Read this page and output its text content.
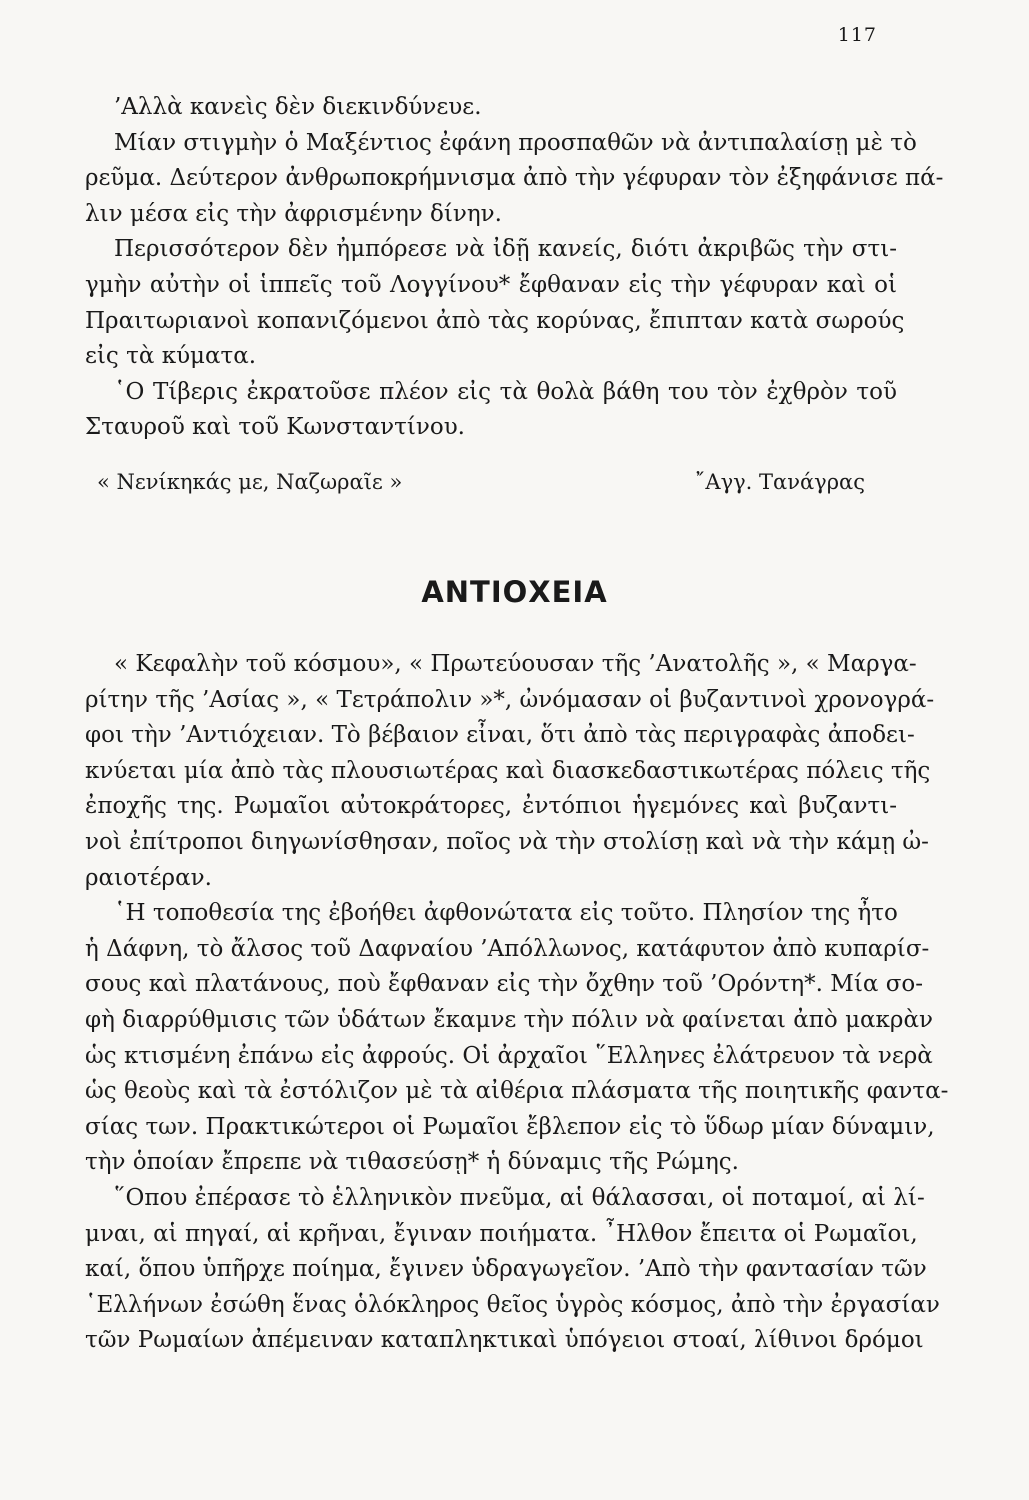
117
’Αλλὰ κανεὶς δὲν διεκινδύνευε.
Μίαν στιγμὴν ὁ Μαξέντιος ἐφάνη προσπαθῶν νὰ ἀντιπαλαίσῃ μὲ τὸ
ρεῦμα. Δεύτερον ἀνθρωποκρήμνισμα ἀπὸ τὴν γέφυραν τὸν ἐξηφάνισε πά-
λιν μέσα εἰς τὴν ἀφρισμένην δίνην.
Περισσότερον δὲν ἠμπόρεσε νὰ ἰδῇ κανείς, διότι ἀκριβῶς τὴν στι-
γμὴν αὐτὴν οἱ ἱππεῖς τοῦ Λογγίνου* ἔφθαναν εἰς τὴν γέφυραν καὶ οἱ
Πραιτωριανοὶ κοπανιζόμενοι ἀπὸ τὰς κορύνας, ἔπιπταν κατὰ σωρούς
εἰς τὰ κύματα.
῾Ο Τίβερις ἐκρατοῦσε πλέον εἰς τὰ θολὰ βάθη του τὸν ἐχθρὸν τοῦ
Σταυροῦ καὶ τοῦ Κωνσταντίνου.
« Νενίκηκάς με, Ναζωραῖε »	῎Αγγ. Τανάγρας
ΑΝΤΙΟΧΕΙΑ
« Κεφαλὴν τοῦ κόσμου», « Πρωτεύουσαν τῆς ’Ανατολῆς », « Μαργα-
ρίτην τῆς ’Ασίας », « Τετράπολιν »*, ὠνόμασαν οἱ βυζαντινοὶ χρονογρά-
φοι τὴν ’Αντιόχειαν. Τὸ βέβαιον εἶναι, ὅτι ἀπὸ τὰς περιγραφὰς ἀποδει-
κνύεται μία ἀπὸ τὰς πλουσιωτέρας καὶ διασκεδαστικωτέρας πόλεις τῆς
ἐποχῆς της. Ρωμαῖοι αὐτοκράτορες, ἐντόπιοι ἡγεμόνες καὶ βυζαντι-
νοὶ ἐπίτροποι διηγωνίσθησαν, ποῖος νὰ τὴν στολίσῃ καὶ νὰ τὴν κάμῃ ὠ-
ραιοτέραν.
῾Η τοποθεσία της ἐβοήθει ἀφθονώτατα εἰς τοῦτο. Πλησίον της ἦτο
ἡ Δάφνη, τὸ ἄλσος τοῦ Δαφναίου ’Απόλλωνος, κατάφυτον ἀπὸ κυπαρίσ-
σους καὶ πλατάνους, ποὺ ἔφθαναν εἰς τὴν ὄχθην τοῦ ’Ορόντη*. Μία σο-
φὴ διαρρύθμισις τῶν ὑδάτων ἔκαμνε τὴν πόλιν νὰ φαίνεται ἀπὸ μακρὰν
ὡς κτισμένη ἐπάνω εἰς ἀφρούς. Οἱ ἀρχαῖοι ῞Ελληνες ἐλάτρευον τὰ νερὰ
ὡς θεοὺς καὶ τὰ ἐστόλιζον μὲ τὰ αἰθέρια πλάσματα τῆς ποιητικῆς φαντα-
σίας των. Πρακτικώτεροι οἱ Ρωμαῖοι ἔβλεπον εἰς τὸ ὕδωρ μίαν δύναμιν,
τὴν ὁποίαν ἔπρεπε νὰ τιθασεύσῃ* ἡ δύναμις τῆς Ρώμης.
῞Οπου ἐπέρασε τὸ ἑλληνικὸν πνεῦμα, αἱ θάλασσαι, οἱ ποταμοί, αἱ λί-
μναι, αἱ πηγαί, αἱ κρῆναι, ἔγιναν ποιήματα. ῏Ηλθον ἔπειτα οἱ Ρωμαῖοι,
καί, ὅπου ὑπῆρχε ποίημα, ἔγινεν ὑδραγωγεῖον. ’Απὸ τὴν φαντασίαν τῶν
῾Ελλήνων ἐσώθη ἕνας ὁλόκληρος θεῖος ὑγρὸς κόσμος, ἀπὸ τὴν ἐργασίαν
τῶν Ρωμαίων ἀπέμειναν καταπληκτικαὶ ὑπόγειοι στοαί, λίθινοι δρόμοι
